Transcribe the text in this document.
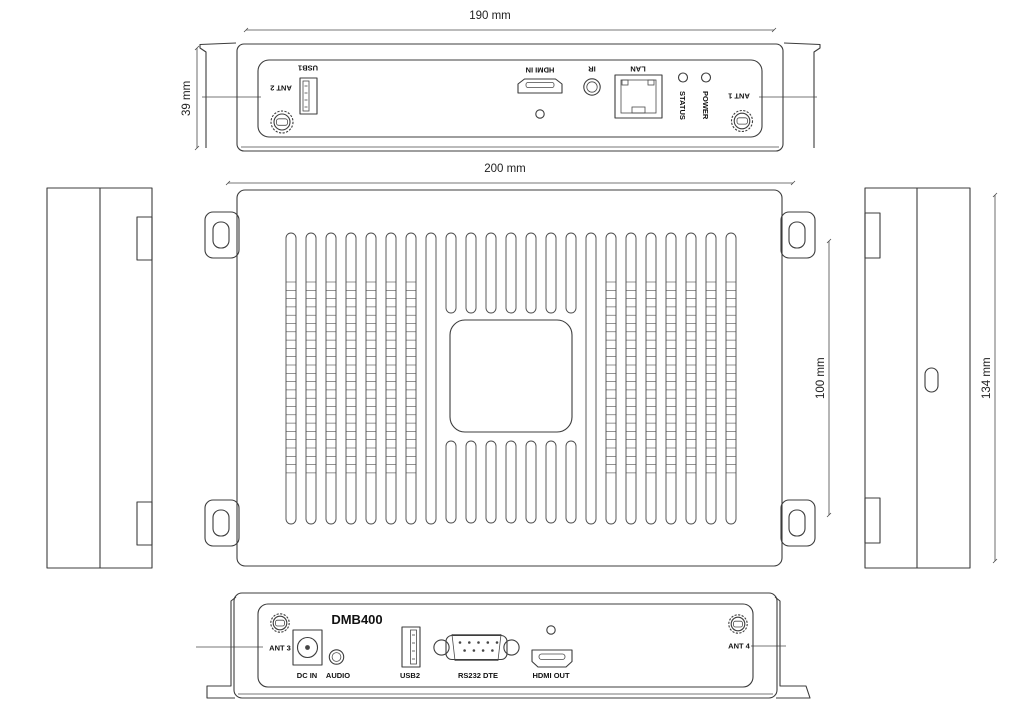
USB1
ANT 2
HDMI IN	IR	LAN
ANT 1
STATUS POWER
190 mm
39 mm
200 mm
100 mm	134 mm
DMB400
ANT 3
DC IN AUDIO	USB2	RS232 DTE	HDMI OUT
ANT 4
